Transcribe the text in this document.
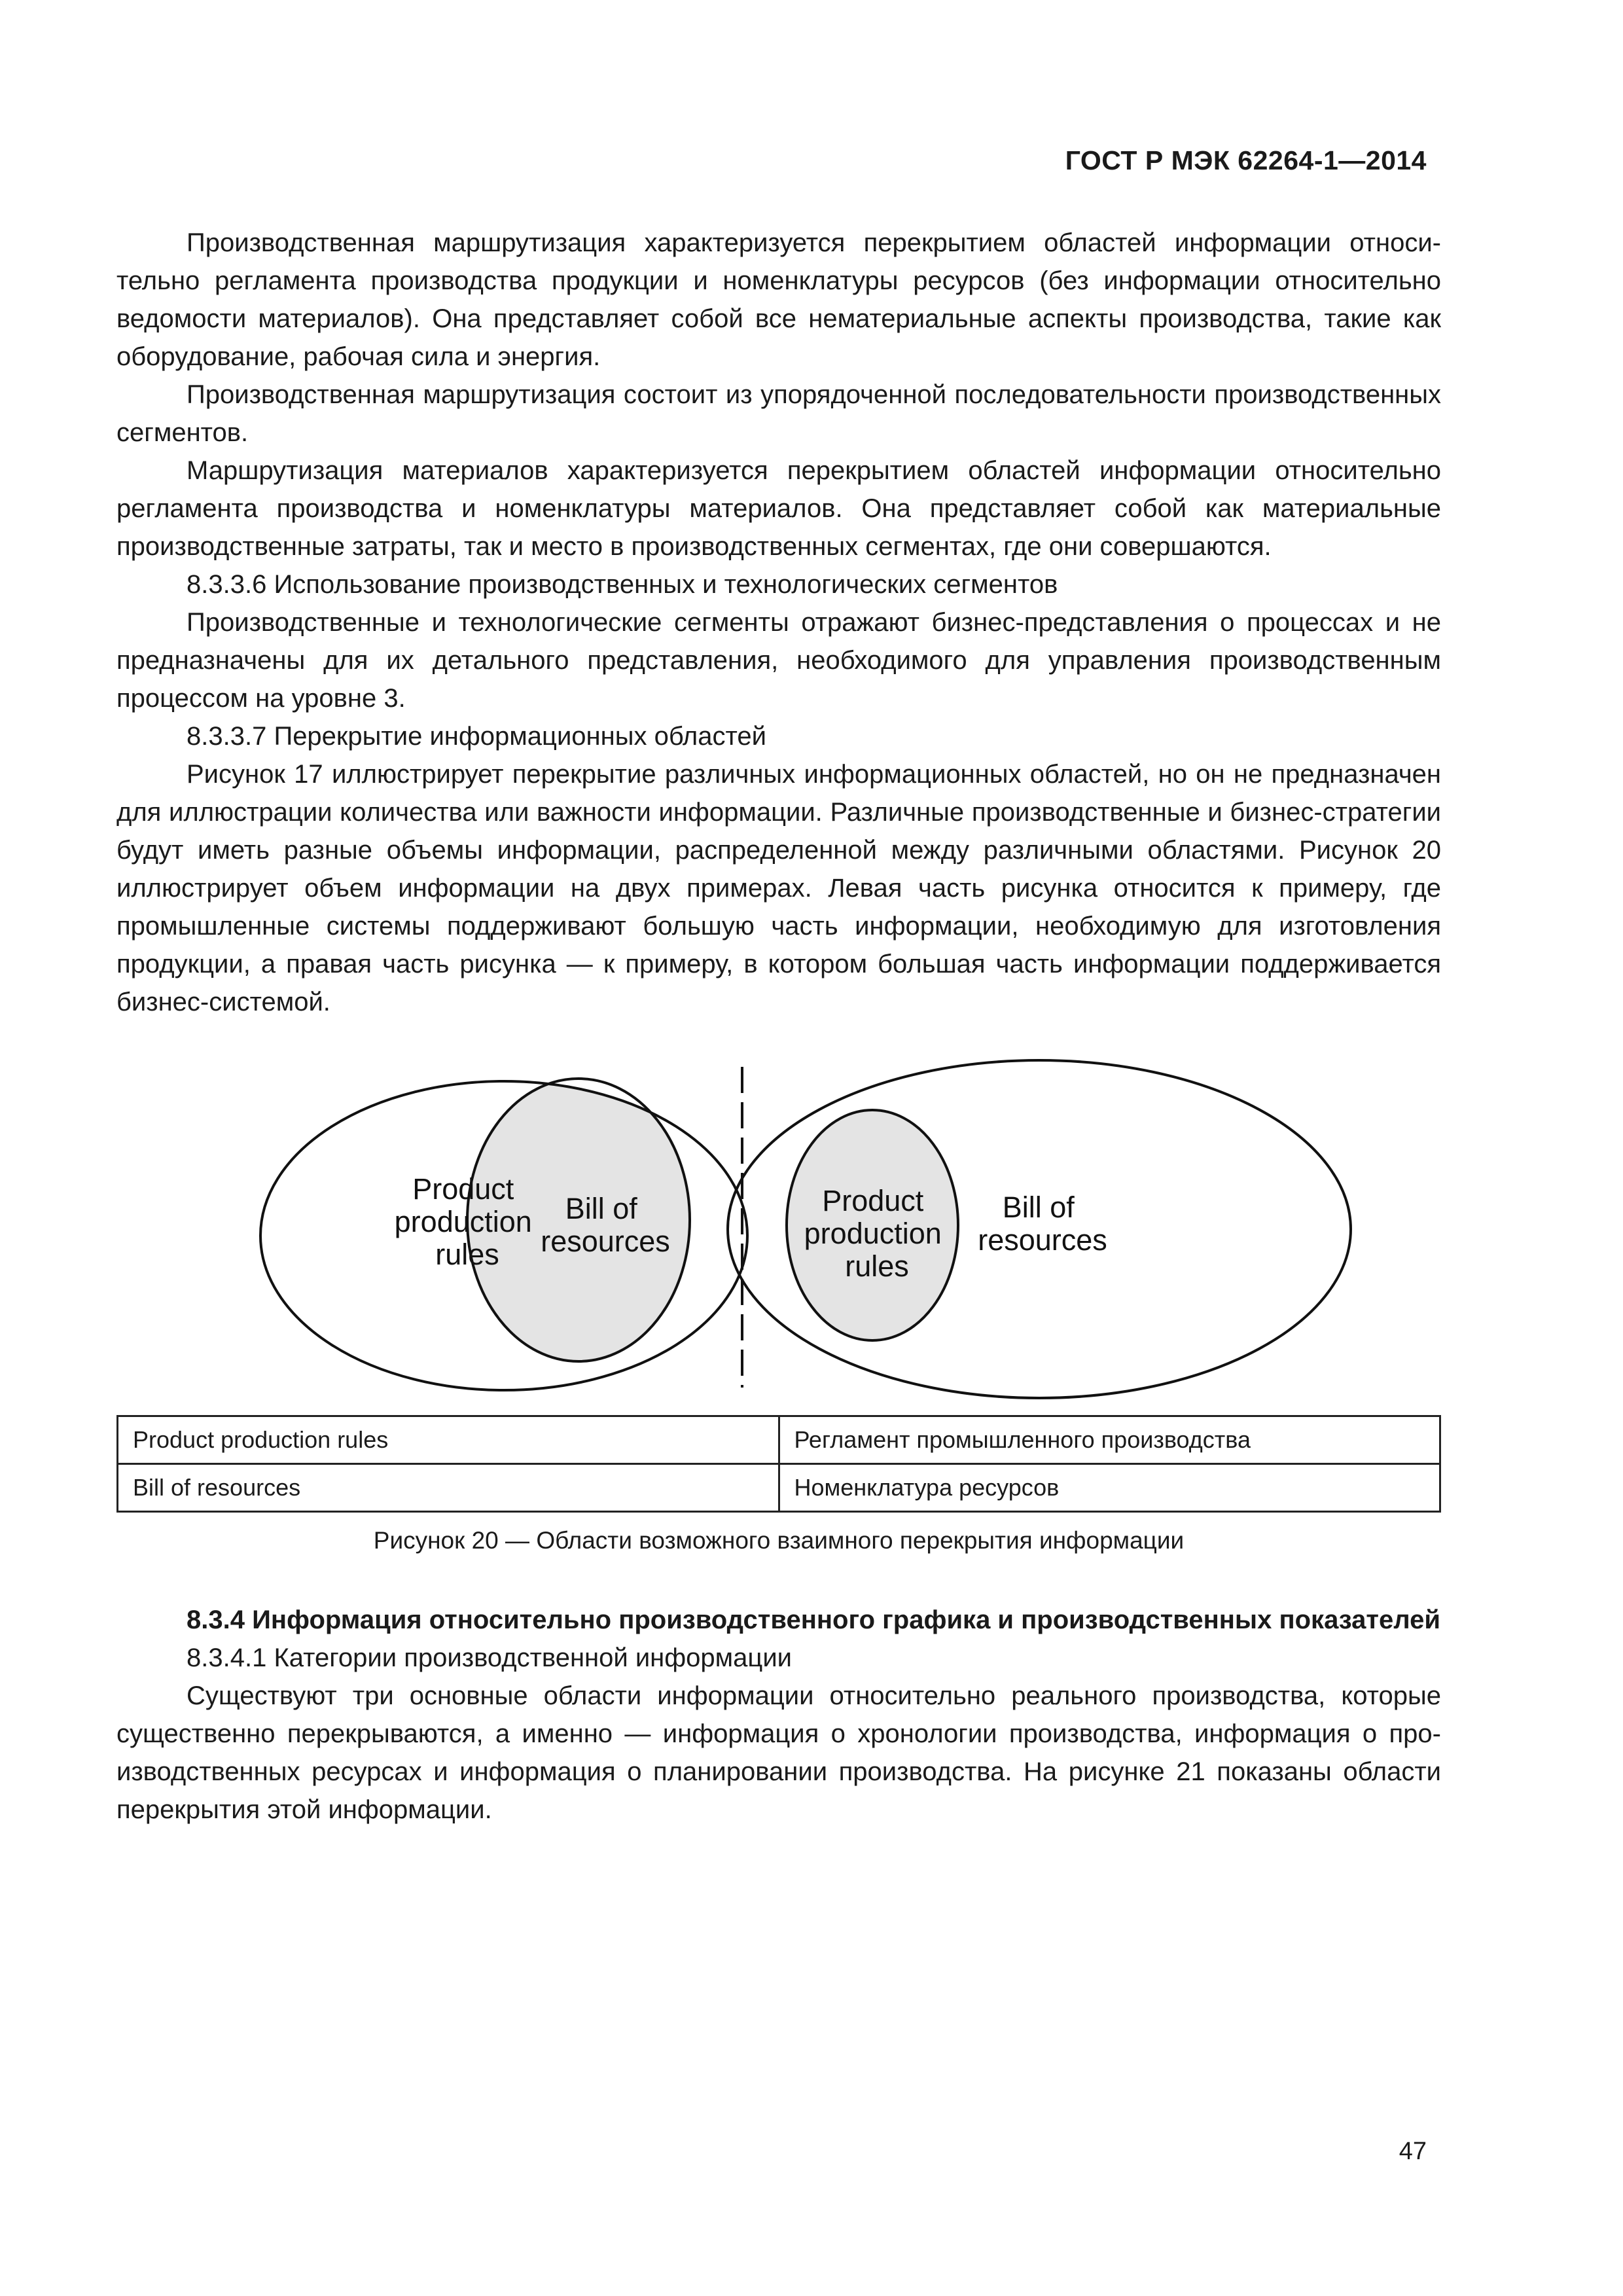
ГОСТ Р МЭК 62264-1—2014

Производственная маршрутизация характеризуется перекрытием областей информации относительно регламента производства продукции и номенклатуры ресурсов (без информации относительно ведомости материалов). Она представляет собой все нематериальные аспекты производства, такие как оборудование, рабочая сила и энергия.

Производственная маршрутизация состоит из упорядоченной последовательности производственных сегментов.

Маршрутизация материалов характеризуется перекрытием областей информации относительно регламента производства и номенклатуры материалов. Она представляет собой как материальные производственные затраты, так и место в производственных сегментах, где они совершаются.

8.3.3.6 Использование производственных и технологических сегментов

Производственные и технологические сегменты отражают бизнес-представления о процессах и не предназначены для их детального представления, необходимого для управления производственным процессом на уровне 3.

8.3.3.7 Перекрытие информационных областей

Рисунок 17 иллюстрирует перекрытие различных информационных областей, но он не предназначен для иллюстрации количества или важности информации. Различные производственные и бизнес-стратегии будут иметь разные объемы информации, распределенной между различными областями. Рисунок 20 иллюстрирует объем информации на двух примерах. Левая часть рисунка относится к примеру, где промышленные системы поддерживают большую часть информации, необходимую для изготовления продукции, а правая часть рисунка — к примеру, в котором большая часть информации поддерживается бизнес-системой.

Product production rules
Bill of resources
Product production rules
Bill of resources
Product production rules	Регламент промышленного производства
Bill of resources	Номенклатура ресурсов
Рисунок 20 — Области возможного взаимного перекрытия информации

8.3.4 Информация относительно производственного графика и производственных показателей

8.3.4.1 Категории производственной информации

Существуют три основные области информации относительно реального производства, которые существенно перекрываются, а именно — информация о хронологии производства, информация о производственных ресурсах и информация о планировании производства. На рисунке 21 показаны области перекрытия этой информации.

47
